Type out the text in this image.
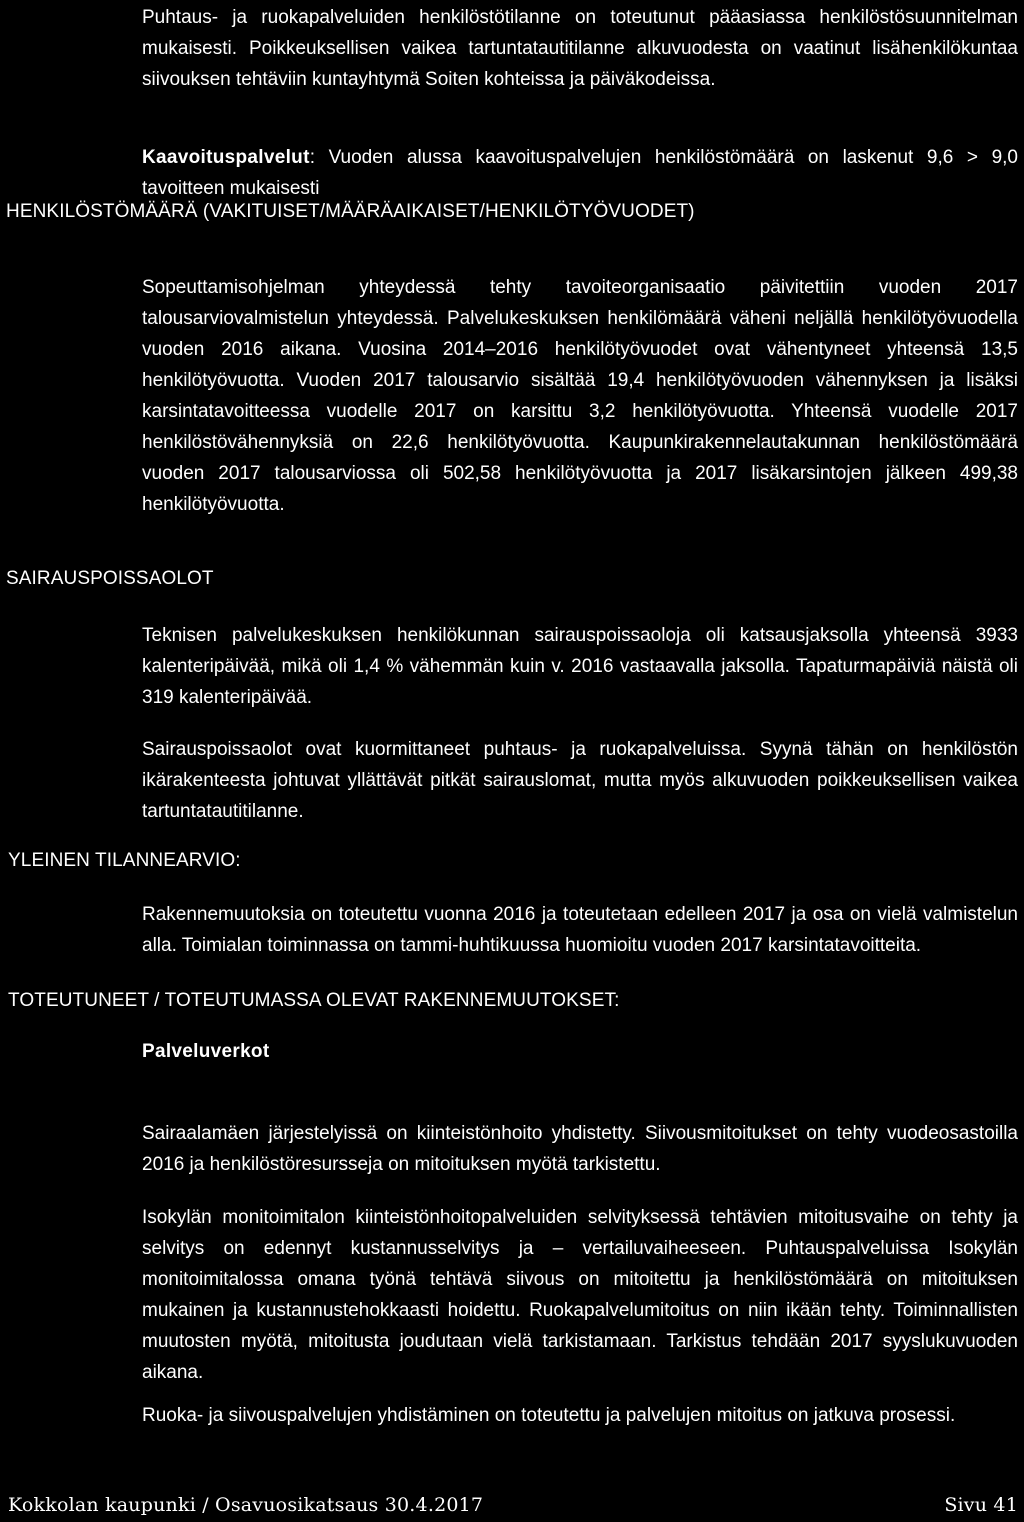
Puhtaus- ja ruokapalveluiden henkilöstötilanne on toteutunut pääasiassa henkilöstösuunnitelman mukaisesti. Poikkeuksellisen vaikea tartuntatautitilanne alkuvuodesta on vaatinut lisähenkilökuntaa siivouksen tehtäviin kuntayhtymä Soiten kohteissa ja päiväkodeissa.

Kaavoituspalvelut: Vuoden alussa kaavoituspalvelujen henkilöstömäärä on laskenut 9,6 > 9,0 tavoitteen mukaisesti

HENKILÖSTÖMÄÄRÄ (VAKITUISET/MÄÄRÄAIKAISET/HENKILÖTYÖVUODET)

Sopeuttamisohjelman yhteydessä tehty tavoiteorganisaatio päivitettiin vuoden 2017 talousarviovalmistelun yhteydessä. Palvelukeskuksen henkilömäärä väheni neljällä henkilötyövuodella vuoden 2016 aikana. Vuosina 2014–2016 henkilötyövuodet ovat vähentyneet yhteensä 13,5 henkilötyövuotta. Vuoden 2017 talousarvio sisältää 19,4 henkilötyövuoden vähennyksen ja lisäksi karsintatavoitteessa vuodelle 2017 on karsittu 3,2 henkilötyövuotta. Yhteensä vuodelle 2017 henkilöstövähennyksiä on 22,6 henkilötyövuotta. Kaupunkirakennelautakunnan henkilöstömäärä vuoden 2017 talousarviossa oli 502,58 henkilötyövuotta ja 2017 lisäkarsintojen jälkeen 499,38 henkilötyövuotta.

SAIRAUSPOISSAOLOT

Teknisen palvelukeskuksen henkilökunnan sairauspoissaoloja oli katsausjaksolla yhteensä 3933 kalenteripäivää, mikä oli 1,4 % vähemmän kuin v. 2016 vastaavalla jaksolla. Tapaturmapäiviä näistä oli 319 kalenteripäivää.

Sairauspoissaolot ovat kuormittaneet puhtaus- ja ruokapalveluissa. Syynä tähän on henkilöstön ikärakenteesta johtuvat yllättävät pitkät sairauslomat, mutta myös alkuvuoden poikkeuksellisen vaikea tartuntatautitilanne.

YLEINEN TILANNEARVIO:

Rakennemuutoksia on toteutettu vuonna 2016 ja toteutetaan edelleen 2017 ja osa on vielä valmistelun alla. Toimialan toiminnassa on tammi-huhtikuussa huomioitu vuoden 2017 karsintatavoitteita.

TOTEUTUNEET / TOTEUTUMASSA OLEVAT RAKENNEMUUTOKSET:
Palveluverkot

Sairaalamäen järjestelyissä on kiinteistönhoito yhdistetty. Siivousmitoitukset on tehty vuodeosastoilla 2016 ja henkilöstöresursseja on mitoituksen myötä tarkistettu.

Isokylän monitoimitalon kiinteistönhoitopalveluiden selvityksessä tehtävien mitoitusvaihe on tehty ja selvitys on edennyt kustannusselvitys ja – vertailuvaiheeseen. Puhtauspalveluissa Isokylän monitoimitalossa omana työnä tehtävä siivous on mitoitettu ja henkilöstömäärä on mitoituksen mukainen ja kustannustehokkaasti hoidettu. Ruokapalvelumitoitus on niin ikään tehty. Toiminnallisten muutosten myötä, mitoitusta joudutaan vielä tarkistamaan. Tarkistus tehdään 2017 syyslukuvuoden aikana.

Ruoka- ja siivouspalvelujen yhdistäminen on toteutettu ja palvelujen mitoitus on jatkuva prosessi.

Kokkolan kaupunki / Osavuosikatsaus 30.4.2017	Sivu 41
